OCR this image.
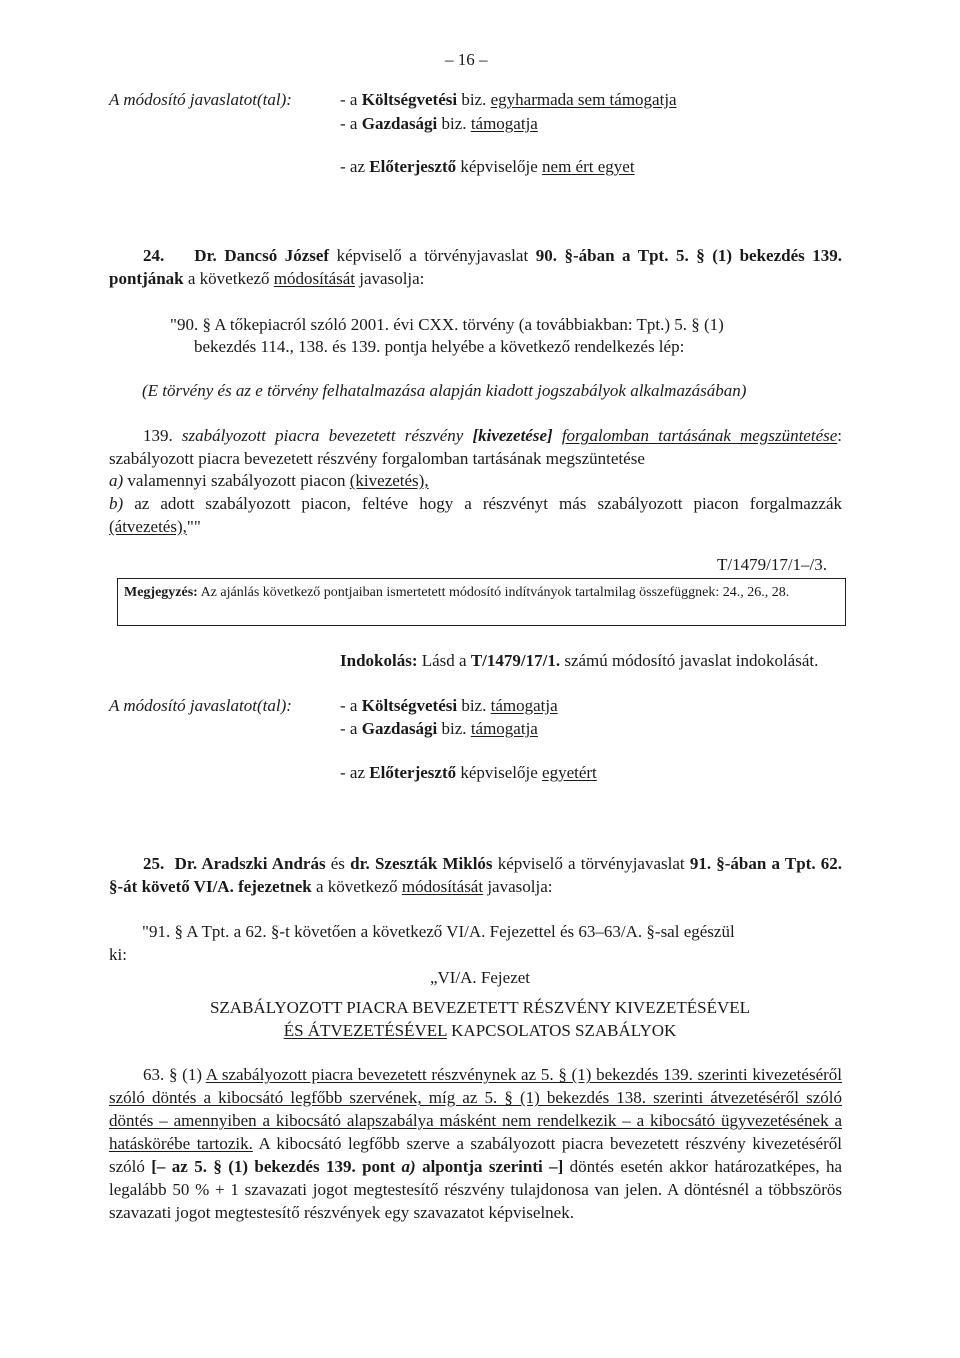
– 16 –
A módosító javaslatot(tal):	- a Költségvetési biz. egyharmada sem támogatja
- a Gazdasági biz. támogatja
- az Előterjesztő képviselője nem ért egyet
24. Dr. Dancsó József képviselő a törvényjavaslat 90. §-ában a Tpt. 5. § (1) bekezdés 139. pontjának a következő módosítását javasolja:
"90. § A tőkepiacról szóló 2001. évi CXX. törvény (a továbbiakban: Tpt.) 5. § (1)
bekezdés 114., 138. és 139. pontja helyébe a következő rendelkezés lép:
(E törvény és az e törvény felhatalmazása alapján kiadott jogszabályok alkalmazásában)
139. szabályozott piacra bevezetett részvény [kivezetése] forgalomban tartásának megszüntetése: szabályozott piacra bevezetett részvény forgalomban tartásának megszüntetése
a) valamennyi szabályozott piacon (kivezetés),
b) az adott szabályozott piacon, feltéve hogy a részvényt más szabályozott piacon forgalmazzák (átvezetés),""
T/1479/17/1–/3.
Megjegyzés: Az ajánlás következő pontjaiban ismertetett módosító indítványok tartalmilag összefüggnek: 24., 26., 28.
Indokolás: Lásd a T/1479/17/1. számú módosító javaslat indokolását.
A módosító javaslatot(tal):	- a Költségvetési biz. támogatja
- a Gazdasági biz. támogatja
- az Előterjesztő képviselője egyetért
25. Dr. Aradszki András és dr. Szeszták Miklós képviselő a törvényjavaslat 91. §-ában a Tpt. 62. §-át követő VI/A. fejezetnek a következő módosítását javasolja:
"91. § A Tpt. a 62. §-t követően a következő VI/A. Fejezettel és 63–63/A. §-sal egészül
ki:
„VI/A. Fejezet
SZABÁLYOZOTT PIACRA BEVEZETETT RÉSZVÉNY KIVEZETÉSÉVEL
ÉS ÁTVEZETÉSÉVEL KAPCSOLATOS SZABÁLYOK
63. § (1) A szabályozott piacra bevezetett részvénynek az 5. § (1) bekezdés 139. szerinti kivezetéséről szóló döntés a kibocsátó legfőbb szervének, míg az 5. § (1) bekezdés 138. szerinti átvezetéséről szóló döntés – amennyiben a kibocsátó alapszabálya másként nem rendelkezik – a kibocsátó ügyvezetésének a hatáskörébe tartozik. A kibocsátó legfőbb szerve a szabályozott piacra bevezetett részvény kivezetéséről szóló [– az 5. § (1) bekezdés 139. pont a) alpontja szerinti –] döntés esetén akkor határozatképes, ha legalább 50 % + 1 szavazati jogot megtestesítő részvény tulajdonosa van jelen. A döntésnél a többszörös szavazati jogot megtestesítő részvények egy szavazatot képviselnek.
